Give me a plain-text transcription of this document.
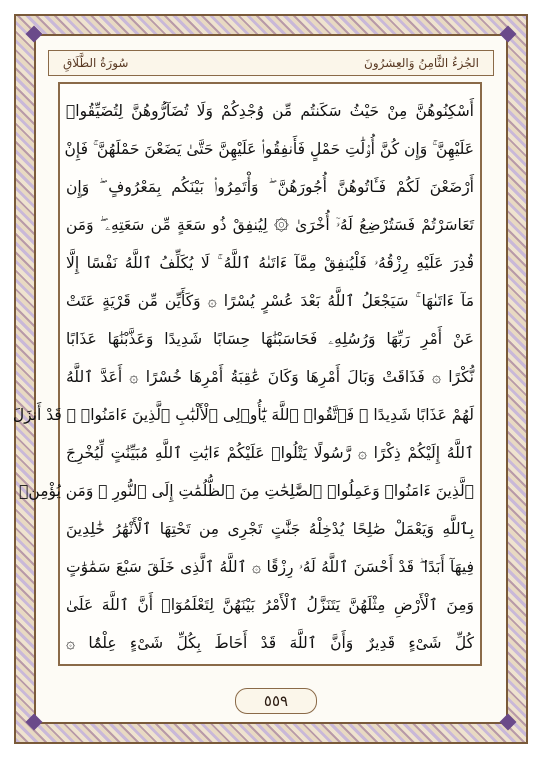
الجُزءُ الثَّامِنُ وَالعِشرُونَ
سُورَةُ الطَّلَاقِ
أَسْكِنُوهُنَّ مِنْ حَيْثُ سَكَنتُم مِّن وُجْدِكُمْ وَلَا تُضَآرُّوهُنَّ لِتُضَيِّقُوا۟
عَلَيْهِنَّ ۚ وَإِن كُنَّ أُو۟لَٰتِ حَمْلٍ فَأَنفِقُوا۟ عَلَيْهِنَّ حَتَّىٰ يَضَعْنَ حَمْلَهُنَّ ۚ فَإِنْ
أَرْضَعْنَ لَكُمْ فَـَٔاتُوهُنَّ أُجُورَهُنَّ ۖ وَأْتَمِرُوا۟ بَيْنَكُم بِمَعْرُوفٍ ۖ وَإِن
تَعَاسَرْتُمْ فَسَتُرْضِعُ لَهُۥٓ أُخْرَىٰ ۞ لِيُنفِقْ ذُو سَعَةٍ مِّن سَعَتِهِۦ ۖ وَمَن
قُدِرَ عَلَيْهِ رِزْقُهُۥ فَلْيُنفِقْ مِمَّآ ءَاتَىٰهُ ٱللَّهُ ۚ لَا يُكَلِّفُ ٱللَّهُ نَفْسًا إِلَّا
مَآ ءَاتَىٰهَا ۚ سَيَجْعَلُ ٱللَّهُ بَعْدَ عُسْرٍ يُسْرًا ۞ وَكَأَيِّن مِّن قَرْيَةٍ عَتَتْ
عَنْ أَمْرِ رَبِّهَا وَرُسُلِهِۦ فَحَاسَبْنَٰهَا حِسَابًا شَدِيدًا وَعَذَّبْنَٰهَا عَذَابًا
نُّكْرًا ۞ فَذَاقَتْ وَبَالَ أَمْرِهَا وَكَانَ عَٰقِبَةُ أَمْرِهَا خُسْرًا ۞ أَعَدَّ ٱللَّهُ
لَهُمْ عَذَابًا شَدِيدًا ۖ فَٱتَّقُوا۟ ٱللَّهَ يَٰٓأُو۟لِى ٱلْأَلْبَٰبِ ٱلَّذِينَ ءَامَنُوا۟ ۚ قَدْ أَنزَلَ
ٱللَّهُ إِلَيْكُمْ ذِكْرًا ۞ رَّسُولًا يَتْلُوا۟ عَلَيْكُمْ ءَايَٰتِ ٱللَّهِ مُبَيِّنَٰتٍ لِّيُخْرِجَ
ٱلَّذِينَ ءَامَنُوا۟ وَعَمِلُوا۟ ٱلصَّٰلِحَٰتِ مِنَ ٱلظُّلُمَٰتِ إِلَى ٱلنُّورِ ۚ وَمَن يُؤْمِنۢ
بِٱللَّهِ وَيَعْمَلْ صَٰلِحًا يُدْخِلْهُ جَنَّٰتٍ تَجْرِى مِن تَحْتِهَا ٱلْأَنْهَٰرُ خَٰلِدِينَ
فِيهَآ أَبَدًا ۖ قَدْ أَحْسَنَ ٱللَّهُ لَهُۥ رِزْقًا ۞ ٱللَّهُ ٱلَّذِى خَلَقَ سَبْعَ سَمَٰوَٰتٍ
وَمِنَ ٱلْأَرْضِ مِثْلَهُنَّ يَتَنَزَّلُ ٱلْأَمْرُ بَيْنَهُنَّ لِتَعْلَمُوٓا۟ أَنَّ ٱللَّهَ عَلَىٰ
كُلِّ شَىْءٍ قَدِيرٌ وَأَنَّ ٱللَّهَ قَدْ أَحَاطَ بِكُلِّ شَىْءٍ عِلْمًۢا ۞
٥٥٩
